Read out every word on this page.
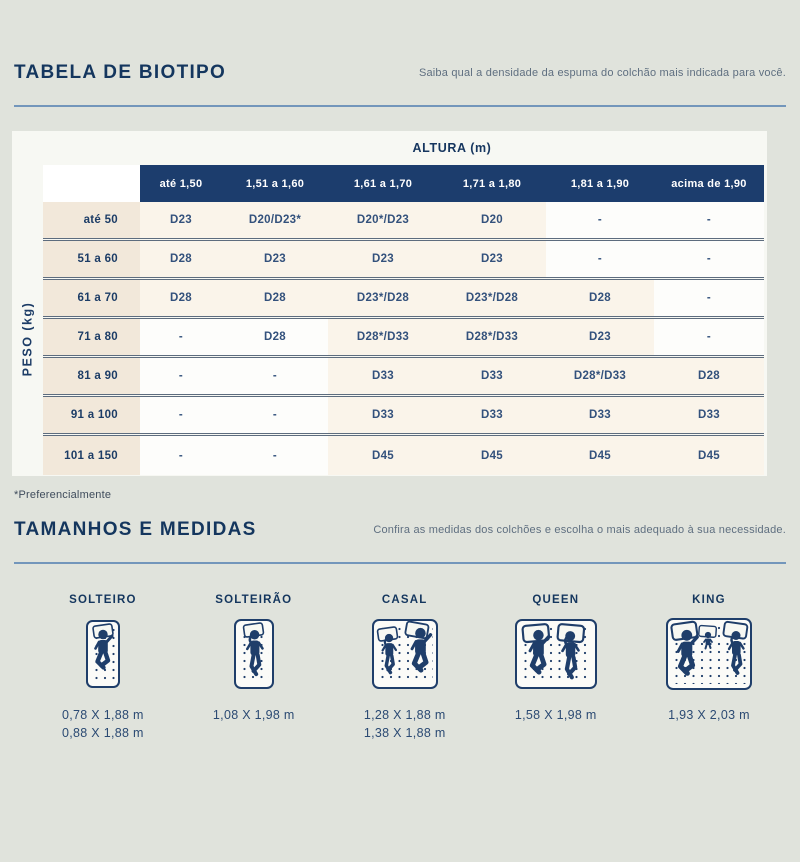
TABELA DE BIOTIPO	Saiba qual a densidade da espuma do colchão mais indicada para você.
ALTURA (m)
até 1,50	1,51 a 1,60	1,61 a 1,70	1,71 a 1,80	1,81 a 1,90	acima de 1,90
até 50	D23	D20/D23*	D20*/D23	D20	-	-
51 a 60	D28	D23	D23	D23	-	-
61 a 70	D28	D28	D23*/D28	D23*/D28	D28	-
71 a 80	-	D28	D28*/D33	D28*/D33	D23	-
81 a 90	-	-	D33	D33	D28*/D33	D28
91 a 100	-	-	D33	D33	D33	D33
101 a 150	-	-	D45	D45	D45	D45
PESO (kg)
*Preferencialmente
TAMANHOS E MEDIDAS	Confira as medidas dos colchões e escolha o mais adequado à sua necessidade.
SOLTEIRO
0,78 X 1,88 m
0,88 X 1,88 m
SOLTEIRÃO
1,08 X 1,98 m
CASAL
1,28 X 1,88 m
1,38 X 1,88 m
QUEEN
1,58 X 1,98 m
KING
1,93 X 2,03 m
